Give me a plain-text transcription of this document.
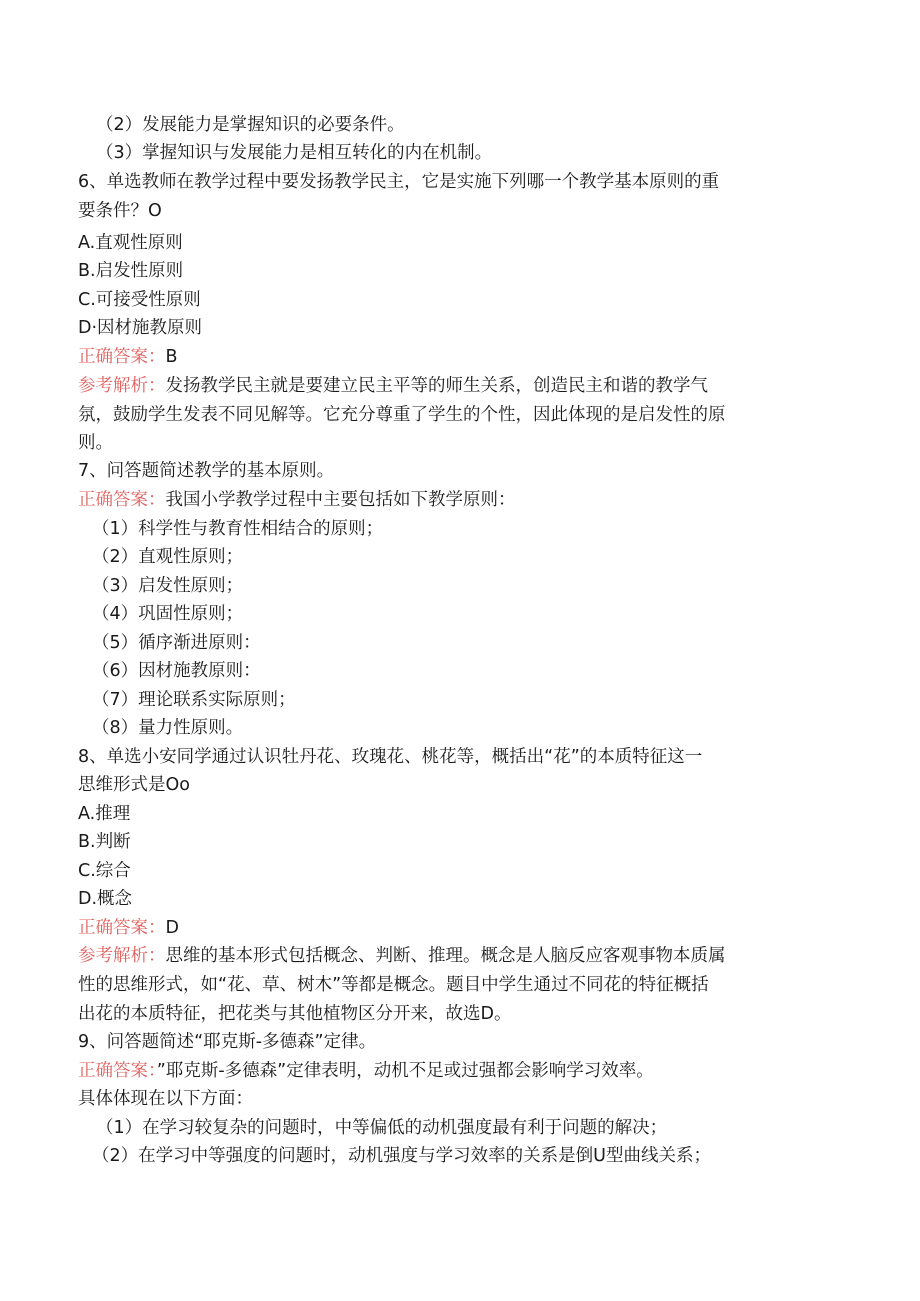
（2）发展能力是掌握知识的必要条件。

（3）掌握知识与发展能力是相互转化的内在机制。

6、单选教师在教学过程中要发扬教学民主，它是实施下列哪一个教学基本原则的重

要条件？O

A.直观性原则

B.启发性原则

C.可接受性原则

D·因材施教原则

正确答案：B

参考解析：发扬教学民主就是要建立民主平等的师生关系，创造民主和谐的教学气

氛，鼓励学生发表不同见解等。它充分尊重了学生的个性，因此体现的是启发性的原

则。

7、问答题简述教学的基本原则。

正确答案：我国小学教学过程中主要包括如下教学原则：

（1）科学性与教育性相结合的原则；

（2）直观性原则；

（3）启发性原则；

（4）巩固性原则；

（5）循序渐进原则：

（6）因材施教原则：

（7）理论联系实际原则；

（8）量力性原则。

8、单选小安同学通过认识牡丹花、玫瑰花、桃花等，概括出“花”的本质特征这一

思维形式是Oo

A.推理

B.判断

C.综合

D.概念

正确答案：D

参考解析：思维的基本形式包括概念、判断、推理。概念是人脑反应客观事物本质属

性的思维形式，如“花、草、树木”等都是概念。题目中学生通过不同花的特征概括

出花的本质特征，把花类与其他植物区分开来，故选D。

9、问答题简述“耶克斯-多德森”定律。

正确答案：”耶克斯-多德森”定律表明，动机不足或过强都会影响学习效率。

具体体现在以下方面：

（1）在学习较复杂的问题时，中等偏低的动机强度最有利于问题的解决；

（2）在学习中等强度的问题时，动机强度与学习效率的关系是倒U型曲线关系；
